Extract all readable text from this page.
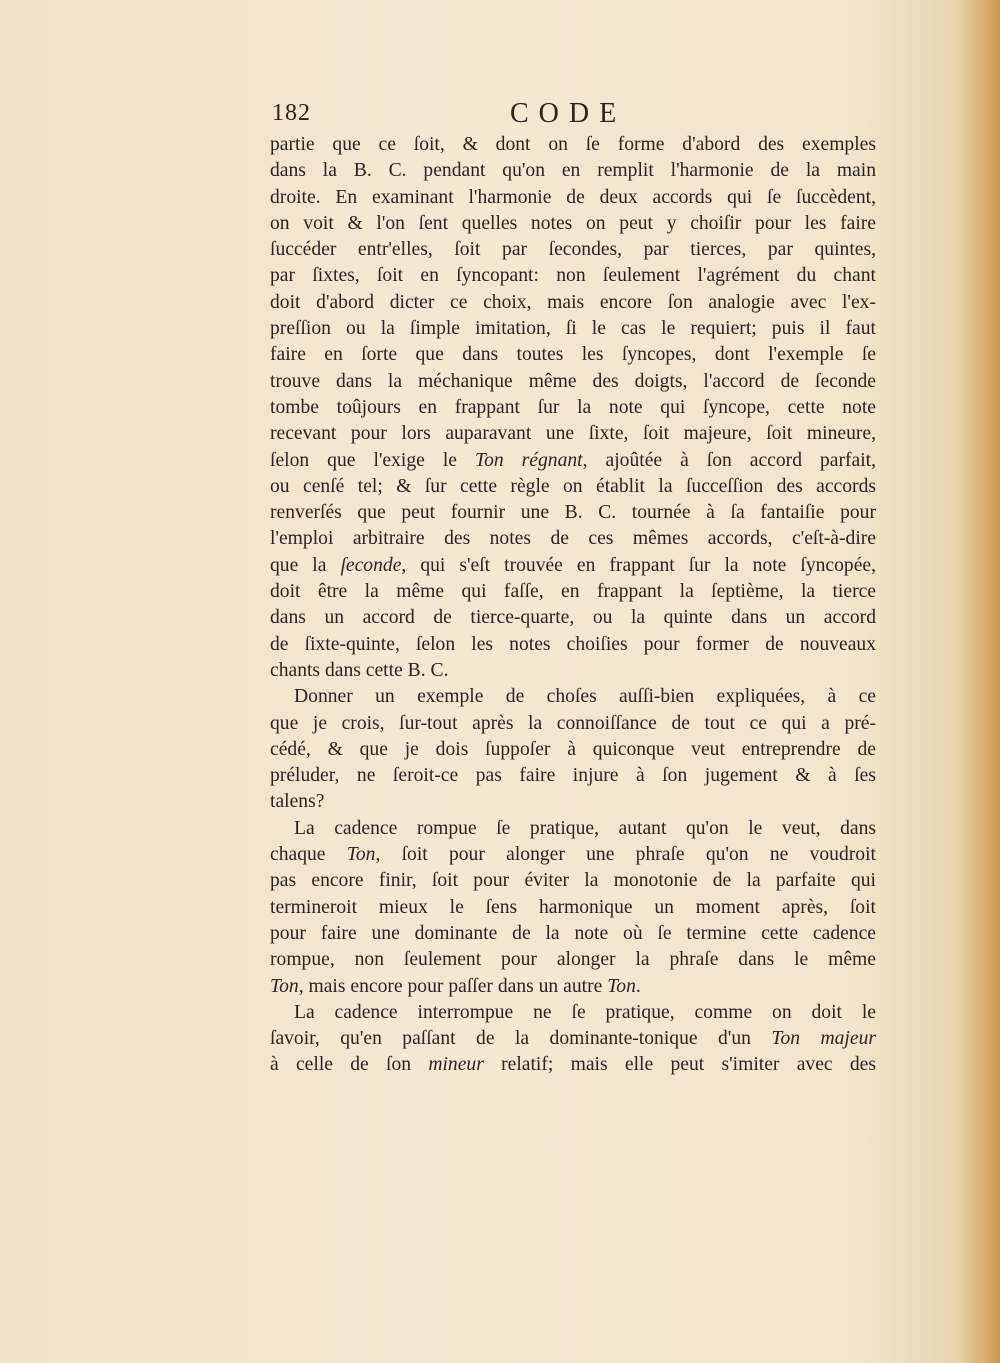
182	CODE
partie que ce ſoit, & dont on ſe forme d'abord des exemples
dans la B. C. pendant qu'on en remplit l'harmonie de la main
droite. En examinant l'harmonie de deux accords qui ſe ſuccèdent,
on voit & l'on ſent quelles notes on peut y choiſir pour les faire
ſuccéder entr'elles, ſoit par ſecondes, par tierces, par quintes,
par ſixtes, ſoit en ſyncopant: non ſeulement l'agrément du chant
doit d'abord dicter ce choix, mais encore ſon analogie avec l'ex-
preſſion ou la ſimple imitation, ſi le cas le requiert; puis il faut
faire en ſorte que dans toutes les ſyncopes, dont l'exemple ſe
trouve dans la méchanique même des doigts, l'accord de ſeconde
tombe toûjours en frappant ſur la note qui ſyncope, cette note
recevant pour lors auparavant une ſixte, ſoit majeure, ſoit mineure,
ſelon que l'exige le Ton régnant, ajoûtée à ſon accord parfait,
ou cenſé tel; & ſur cette règle on établit la ſucceſſion des accords
renverſés que peut fournir une B. C. tournée à ſa fantaiſie pour
l'emploi arbitraire des notes de ces mêmes accords, c'eſt-à-dire
que la ſeconde, qui s'eſt trouvée en frappant ſur la note ſyncopée,
doit être la même qui faſſe, en frappant la ſeptième, la tierce
dans un accord de tierce-quarte, ou la quinte dans un accord
de ſixte-quinte, ſelon les notes choiſies pour former de nouveaux
chants dans cette B. C.
Donner un exemple de choſes auſſi-bien expliquées, à ce
que je crois, ſur-tout après la connoiſſance de tout ce qui a pré-
cédé, & que je dois ſuppoſer à quiconque veut entreprendre de
préluder, ne ſeroit-ce pas faire injure à ſon jugement & à ſes
talens?
La cadence rompue ſe pratique, autant qu'on le veut, dans
chaque Ton, ſoit pour alonger une phraſe qu'on ne voudroit
pas encore finir, ſoit pour éviter la monotonie de la parfaite qui
termineroit mieux le ſens harmonique un moment après, ſoit
pour faire une dominante de la note où ſe termine cette cadence
rompue, non ſeulement pour alonger la phraſe dans le même
Ton, mais encore pour paſſer dans un autre Ton.
La cadence interrompue ne ſe pratique, comme on doit le
ſavoir, qu'en paſſant de la dominante-tonique d'un Ton majeur
à celle de ſon mineur relatif; mais elle peut s'imiter avec des
